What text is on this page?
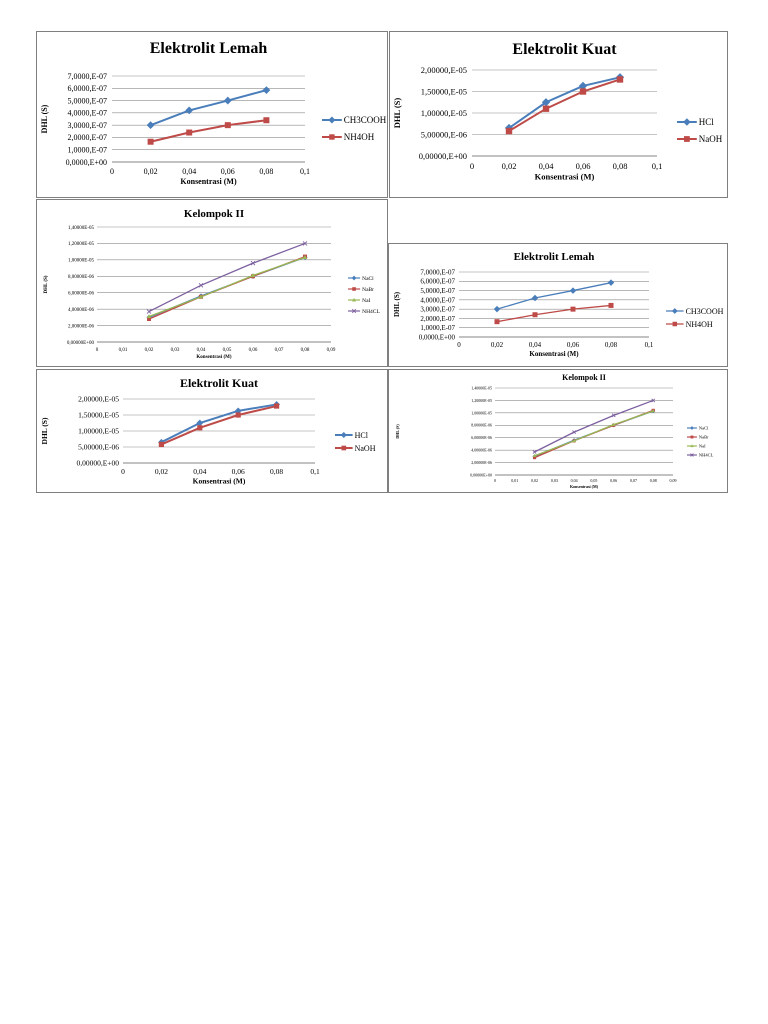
Elektrolit Lemah
0,0000,E+00
1,0000,E-07
2,0000,E-07
3,0000,E-07
4,0000,E-07
5,0000,E-07
6,0000,E-07
7,0000,E-07
0	0,02	0,04	0,06	0,08	0,1
Konsentrasi (M)
DHL (S)	CH3COOH
NH4OH
Elektrolit Kuat
0,00000,E+00
5,00000,E-06
1,00000,E-05
1,50000,E-05
2,00000,E-05
0	0,02	0,04	0,06	0,08	0,1
Konsentrasi (M)
DHL (S)	HCl
NaOH
Kelompok II
0,00000E+00
2,00000E-06
4,00000E-06
6,00000E-06
8,00000E-06
1,00000E-05
1,20000E-05
1,40000E-05
0	0,01	0,02	0,03	0,04	0,05	0,06	0,07	0,08	0,09
Konsentrasi (M)
DHL (S)	NaCl
NaBr
NaI
NH4CL
Elektrolit Lemah
0,0000,E+00
1,0000,E-07
2,0000,E-07
3,0000,E-07
4,0000,E-07
5,0000,E-07
6,0000,E-07
7,0000,E-07
0	0,02	0,04	0,06	0,08	0,1
Konsentrasi (M)
DHL (S)	CH3COOH
NH4OH
Elektrolit Kuat
0,00000,E+00
5,00000,E-06
1,00000,E-05
1,50000,E-05
2,00000,E-05
0	0,02	0,04	0,06	0,08	0,1
Konsentrasi (M)
DHL (S)	HCl
NaOH
Kelompok II
0,00000E+00
2,00000E-06
4,00000E-06
6,00000E-06
8,00000E-06
1,00000E-05
1,20000E-05
1,40000E-05
0	0,01	0,02	0,03	0,04	0,05	0,06	0,07	0,08	0,09
Konsentrasi (M)
DHL (S)	NaCl
NaBr
NaI
NH4CL
